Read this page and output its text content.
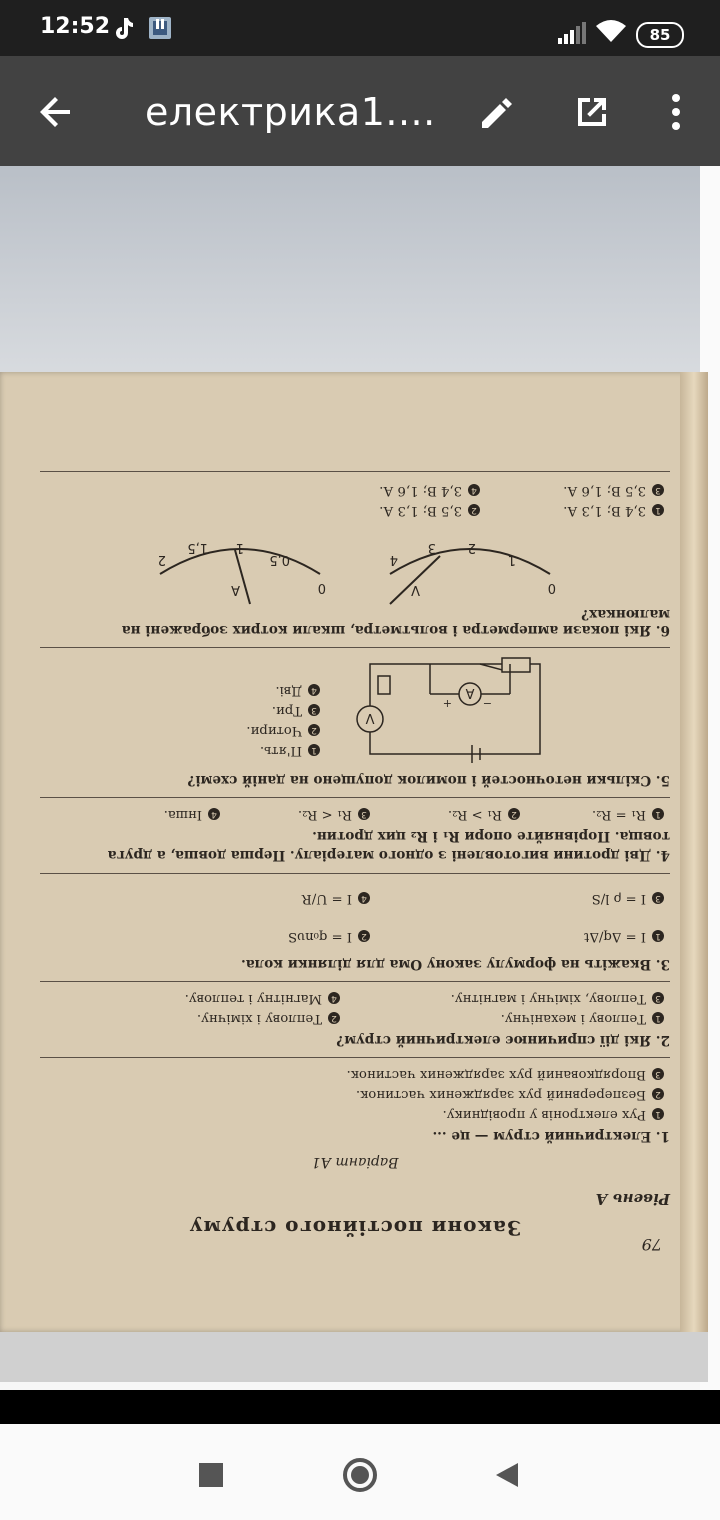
12:52	85
електрика1....
79
Закони постійного струму
Рівень А
Варіант А1

1. Електричний струм — це ...

1Рух електронів у провіднику.
2Безперервний рух заряджених частинок.
3Впорядкований рух заряджених частинок.

2. Які дії спричинює електричний струм?

1Теплову і механічну.
2Теплову і хімічну.
3Теплову, хімічну і магнітну.
4Магнітну і теплову.

3. Вкажіть на формулу закону Ома для ділянки кола.

1I = Δq/Δt
2I = q₀nυS
3I = ρ l/S
4I = U/R

4. Дві дротини виготовлені з одного матеріалу. Перша довша, а друга товща. Порівняйте опори R₁ і R₂ цих дротин.

1R₁ = R₂.
2R₁ > R₂.
3R₁ < R₂.
4Інша.

5. Скільки неточностей і помилок допущено на даній схемі?

1П'ять.
2Чотири.
3Три.
4Дві.
V
A
+	−

6. Які покази амперметра і вольтметра, шкали котрих зображені на малюнках?

0
1
2
3
4
V
0
0,5
1
1,5
2
A
13,4 В; 1,3 А.
23,5 В; 1,3 А.
33,5 В; 1,6 А.
43,4 В; 1,6 А.
